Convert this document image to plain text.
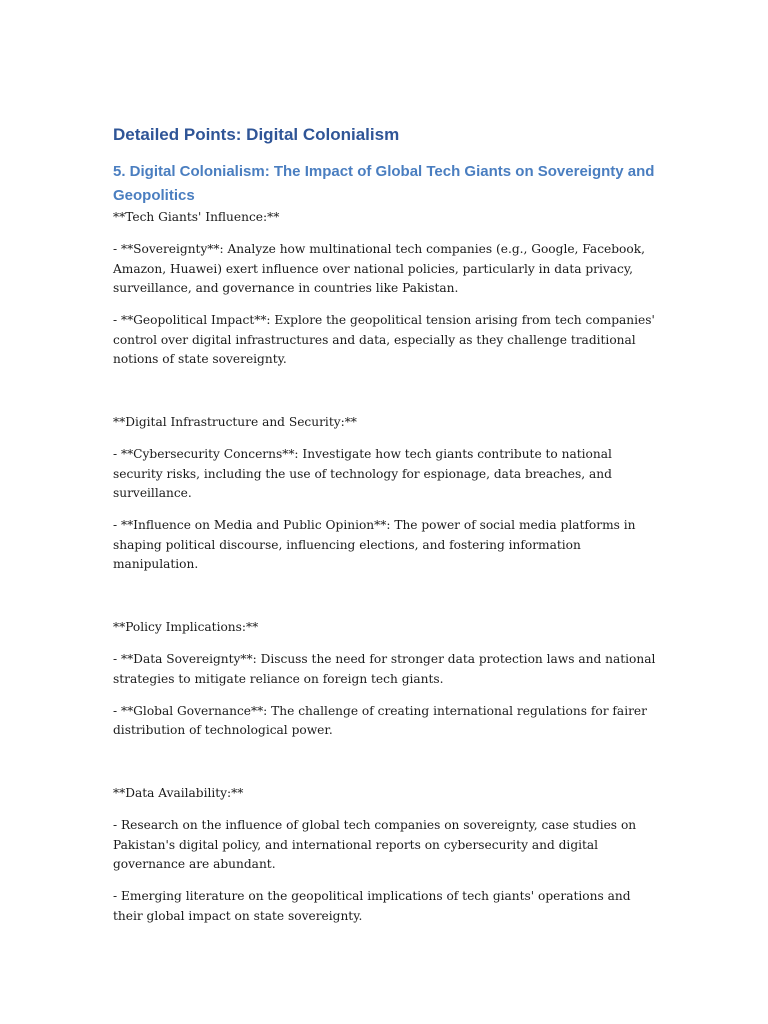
Detailed Points: Digital Colonialism
5. Digital Colonialism: The Impact of Global Tech Giants on Sovereignty and Geopolitics

**Tech Giants' Influence:**

- **Sovereignty**: Analyze how multinational tech companies (e.g., Google, Facebook, Amazon, Huawei) exert influence over national policies, particularly in data privacy, surveillance, and governance in countries like Pakistan.

- **Geopolitical Impact**: Explore the geopolitical tension arising from tech companies' control over digital infrastructures and data, especially as they challenge traditional notions of state sovereignty.

**Digital Infrastructure and Security:**

- **Cybersecurity Concerns**: Investigate how tech giants contribute to national security risks, including the use of technology for espionage, data breaches, and surveillance.

- **Influence on Media and Public Opinion**: The power of social media platforms in shaping political discourse, influencing elections, and fostering information manipulation.

**Policy Implications:**

- **Data Sovereignty**: Discuss the need for stronger data protection laws and national strategies to mitigate reliance on foreign tech giants.

- **Global Governance**: The challenge of creating international regulations for fairer distribution of technological power.

**Data Availability:**

- Research on the influence of global tech companies on sovereignty, case studies on Pakistan's digital policy, and international reports on cybersecurity and digital governance are abundant.

- Emerging literature on the geopolitical implications of tech giants' operations and their global impact on state sovereignty.
